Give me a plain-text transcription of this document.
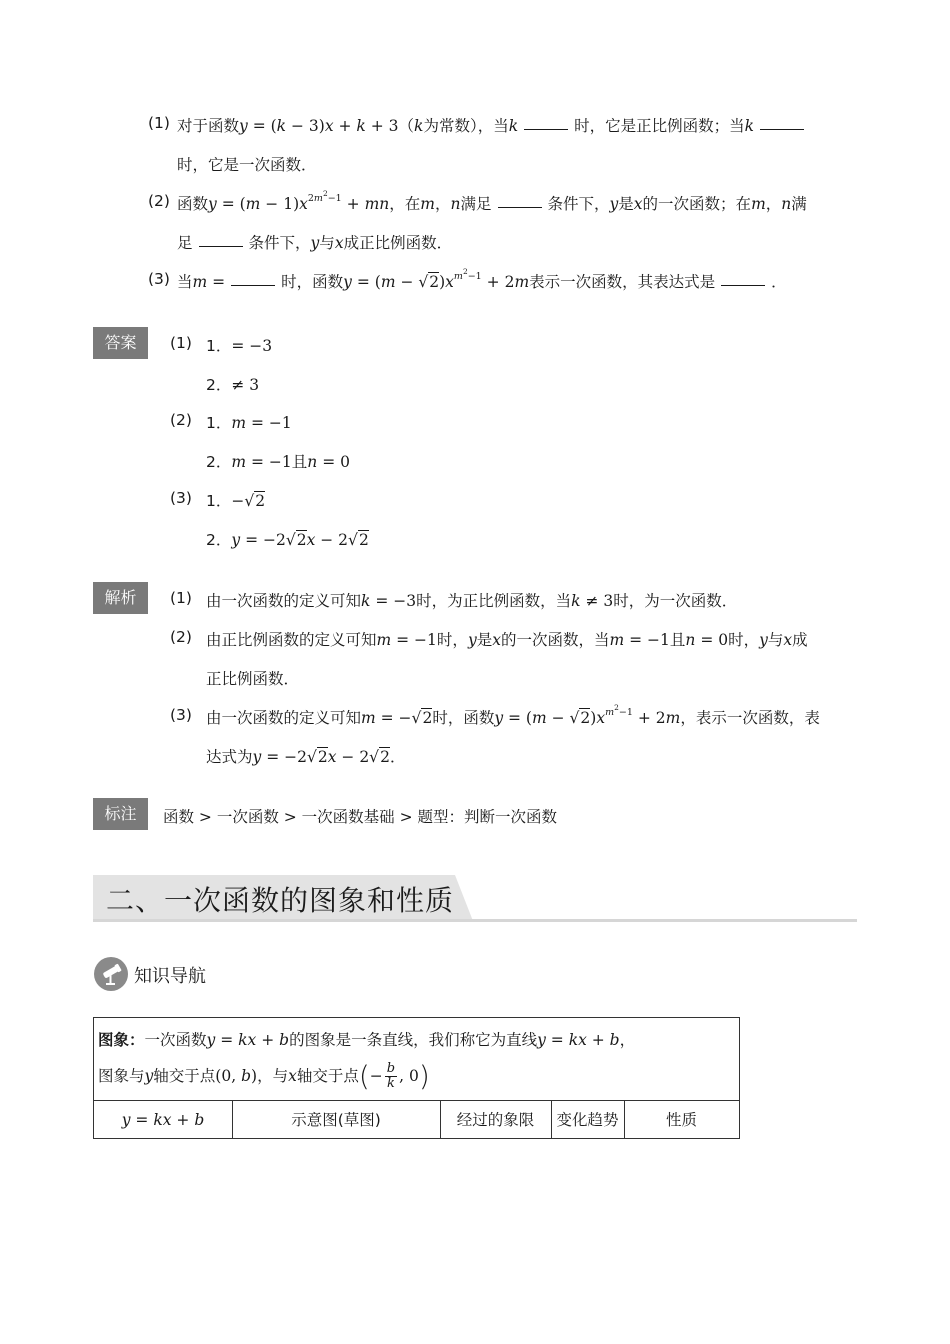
(1) 对于函数y = (k − 3)x + k + 3（k为常数），当k	时，它是正比例函数；当k
时，它是一次函数．
(2) 函数$y = (m - 1)x^{2m^2-1}$ + mn，在m，n满足	条件下，y是x的一次函数；在m，n满
足	条件下，y与x成正比例函数．
(3) 当m =	时，函数$y = (m - √2)x^{m^2-1} + 2m$表示一次函数，其表达式是	．
答案	(1) 1．= −3
2．≠ 3
(2) 1．m = −1
2．m = −1且n = 0
(3) 1．−√2
2．y = −2√2x − 2√2
解析	(1) 由一次函数的定义可知k = −3时，为正比例函数，当k ≠ 3时，为一次函数．
(2) 由正比例函数的定义可知m = −1时，y是x的一次函数，当m = −1且n = 0时，y与x成
正比例函数．
(3) 由一次函数的定义可知m = −√2时，函数$y = (m - √2)x^{m^2-1} + 2m$，表示一次函数，表
达式为y = −2√2x − 2√2．
标注	函数 > 一次函数 > 一次函数基础 > 题型：判断一次函数
二、一次函数的图象和性质
知识导航
图象：一次函数y = kx + b的图象是一条直线，我们称它为直线y = kx + b，
图象与y轴交于点(0, b)，与x轴交于点(− $\frac{b}{k}$ , 0)
y = kx + b	示意图(草图)	经过的象限	变化趋势	性质
